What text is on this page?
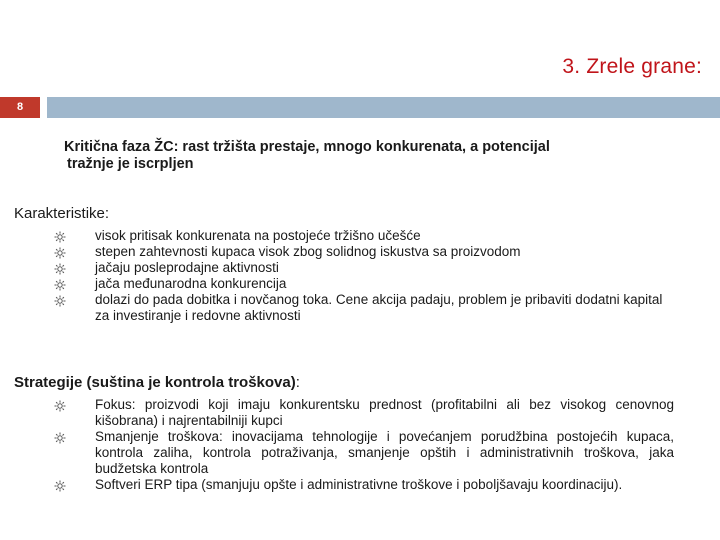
3. Zrele grane:
8
Kritična faza ŽC: rast tržišta prestaje, mnogo konkurenata, a potencijal
tražnje je iscrpljen
Karakteristike:
visok pritisak konkurenata na postojeće tržišno učešće
stepen zahtevnosti kupaca visok zbog solidnog iskustva sa proizvodom
jačaju posleprodajne aktivnosti
jača međunarodna konkurencija
dolazi do pada dobitka i novčanog toka. Cene akcija padaju, problem je pribaviti dodatni kapital za investiranje i redovne aktivnosti
Strategije (suština je kontrola troškova):
Fokus: proizvodi koji imaju konkurentsku prednost (profitabilni ali bez visokog cenovnog kišobrana) i najrentabilniji kupci
Smanjenje troškova: inovacijama tehnologije i povećanjem porudžbina postojećih kupaca, kontrola zaliha, kontrola potraživanja, smanjenje opštih i administrativnih troškova, jaka budžetska kontrola
Softveri ERP tipa (smanjuju opšte i administrativne troškove i poboljšavaju koordinaciju).
